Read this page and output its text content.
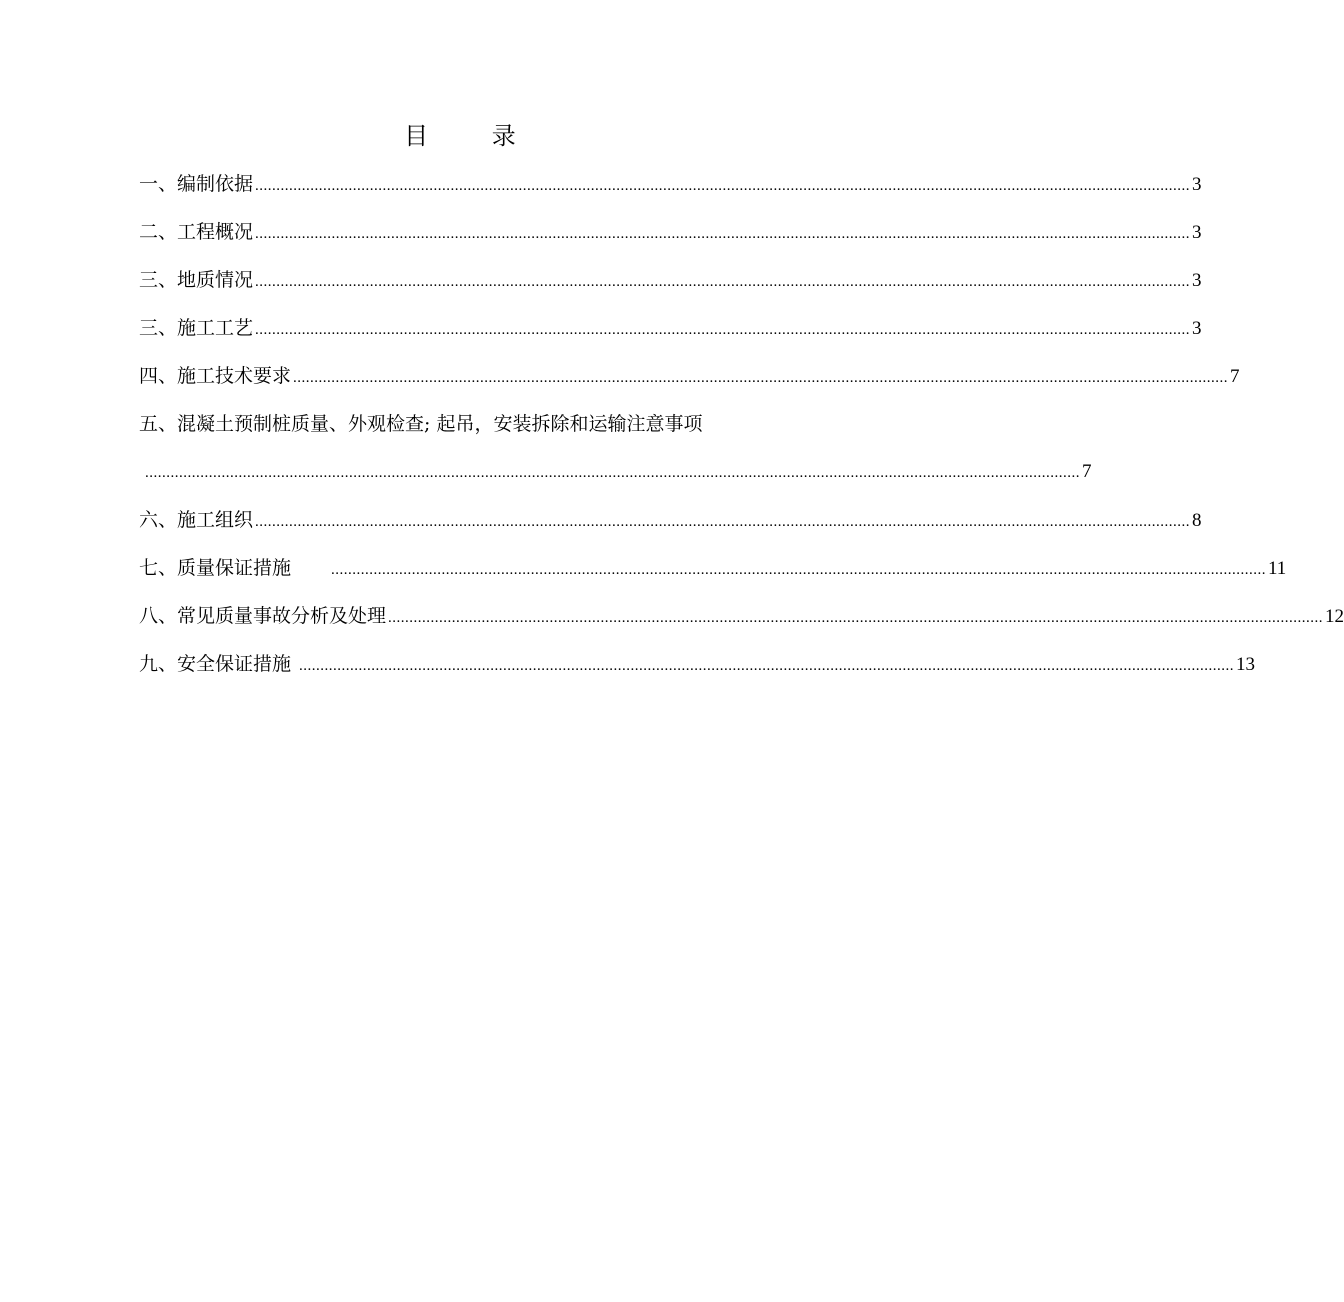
目 录
一、编制依据 ............................................................................................................................................................................................................................ 3
二、工程概况 ............................................................................................................................................................................................................................ 3
三、地质情况 ............................................................................................................................................................................................................................ 3
三、施工工艺 ............................................................................................................................................................................................................................ 3
四、施工技术要求 ............................................................................................................................................................................................................................ 7
五、混凝土预制桩质量、外观检查; 起吊，安装拆除和运输注意事项
............................................................................................................................................................................................................................ 7
六、施工组织 ............................................................................................................................................................................................................................ 8
七、质量保证措施	............................................................................................................................................................................................................................ 11
八、常见质量事故分析及处理 ............................................................................................................................................................................................................................ 12
九、安全保证措施 ............................................................................................................................................................................................................................ 13
